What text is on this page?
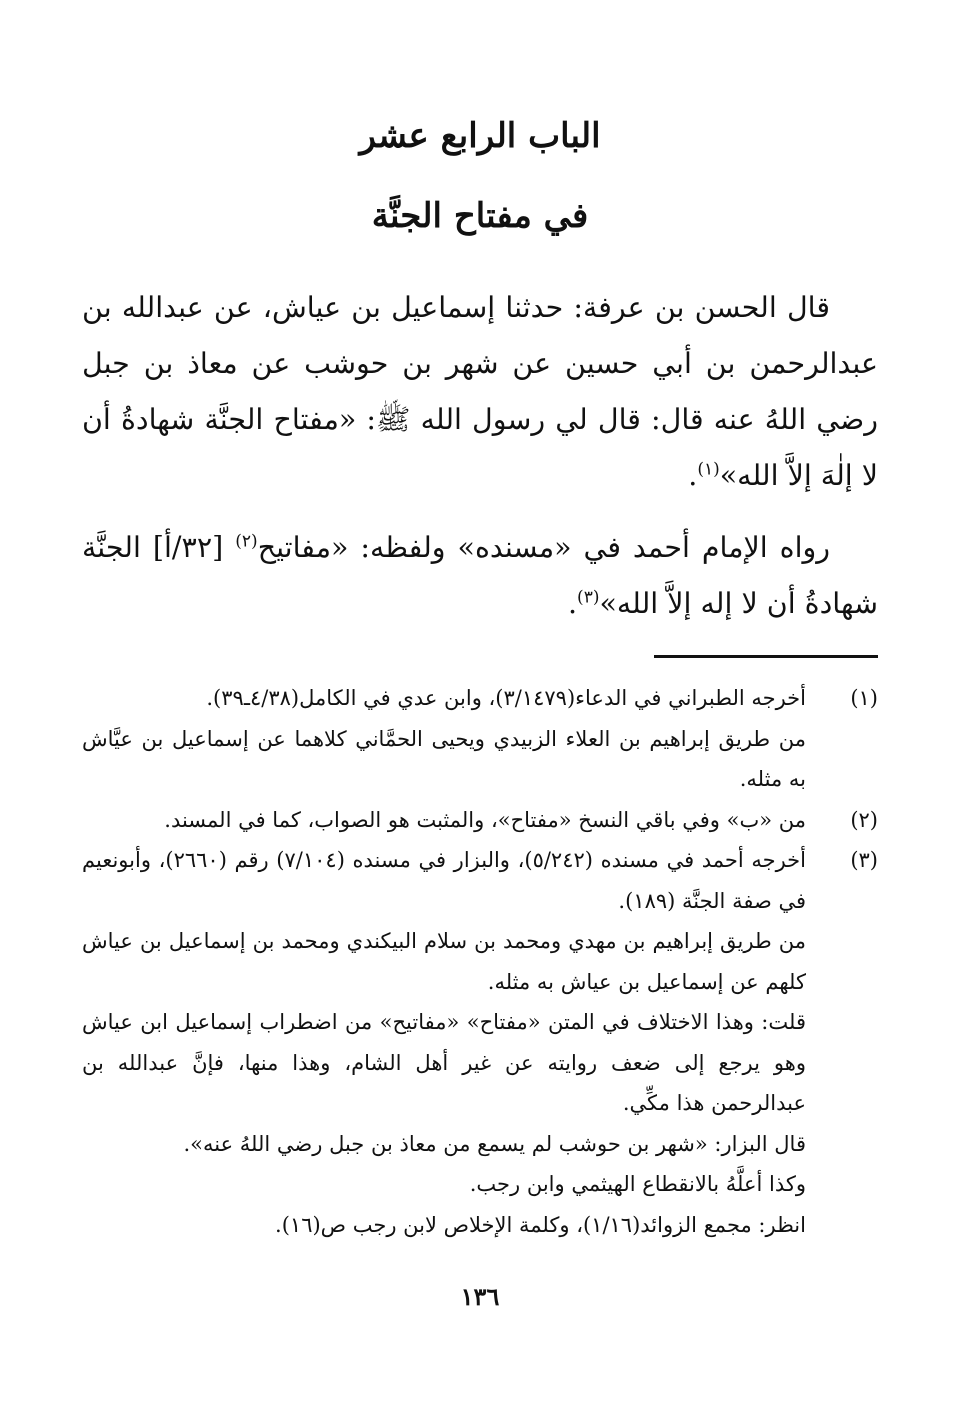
الباب الرابع عشر
في مفتاح الجنَّة

قال الحسن بن عرفة: حدثنا إسماعيل بن عياش، عن عبدالله بن عبدالرحمن بن أبي حسين عن شهر بن حوشب عن معاذ بن جبل رضي اللهُ عنه قال: قال لي رسول الله ﷺ: «مفتاح الجنَّة شهادةُ أن لا إلٰهَ إلاَّ الله»$^{(١)}$.

رواه الإمام أحمد في «مسنده» ولفظه: «مفاتيح$^{(٢)}$ [٣٢/أ] الجنَّة شهادةُ أن لا إله إلاَّ الله»$^{(٣)}$.

(١)

أخرجه الطبراني في الدعاء(٣/١٤٧٩)، وابن عدي في الكامل(٤/٣٨ـ٣٩).

من طريق إبراهيم بن العلاء الزبيدي ويحيى الحمَّاني كلاهما عن إسماعيل بن عيَّاش به مثله.

(٢)

من «ب» وفي باقي النسخ «مفتاح»، والمثبت هو الصواب، كما في المسند.

(٣)

أخرجه أحمد في مسنده (٥/٢٤٢)، والبزار في مسنده (٧/١٠٤) رقم (٢٦٦٠)، وأبونعيم في صفة الجنَّة (١٨٩).

من طريق إبراهيم بن مهدي ومحمد بن سلام البيكندي ومحمد بن إسماعيل بن عياش كلهم عن إسماعيل بن عياش به مثله.

قلت: وهذا الاختلاف في المتن «مفتاح» «مفاتيح» من اضطراب إسماعيل ابن عياش وهو يرجع إلى ضعف روايته عن غير أهل الشام، وهذا منها، فإنَّ عبدالله بن عبدالرحمن هذا مكِّي.

قال البزار: «شهر بن حوشب لم يسمع من معاذ بن جبل رضي اللهُ عنه».

وكذا أعلَّهُ بالانقطاع الهيثمي وابن رجب.

انظر: مجمع الزوائد(١/١٦)، وكلمة الإخلاص لابن رجب ص(١٦).

١٣٦
